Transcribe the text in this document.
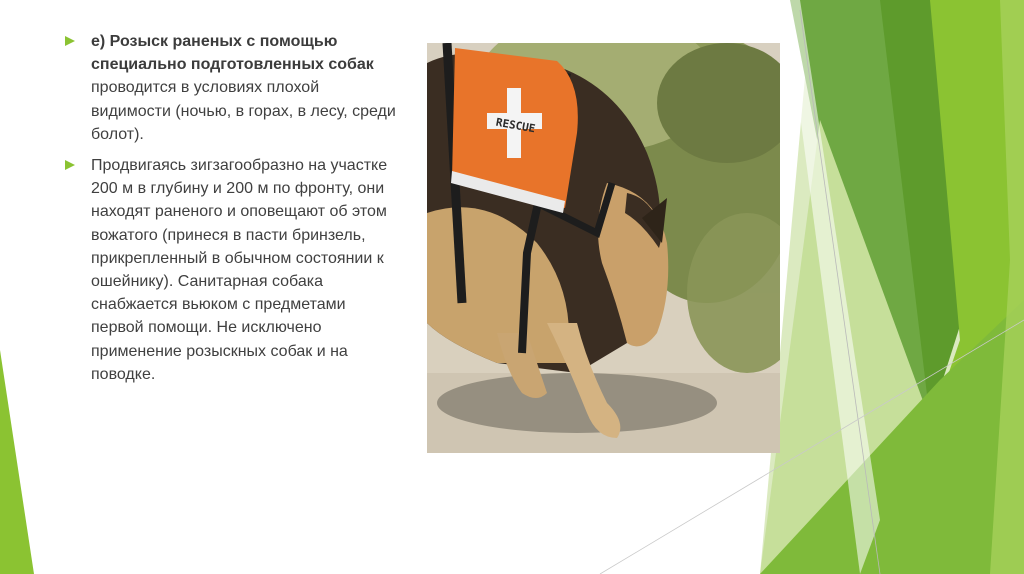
е) Розыск раненых с помощью специально подготовленных собак проводится в условиях плохой видимости (ночью, в горах, в лесу, среди болот).
Продвигаясь зигзагообразно на участке 200 м в глубину и 200 м по фронту, они находят раненого и оповещают об этом вожатого (принеся в пасти бринзель, прикрепленный в обычном состоянии к ошейнику). Санитарная собака снабжается вьюком с предметами первой помощи. Не исключено применение розыскных собак и на поводке.
RESCUE
